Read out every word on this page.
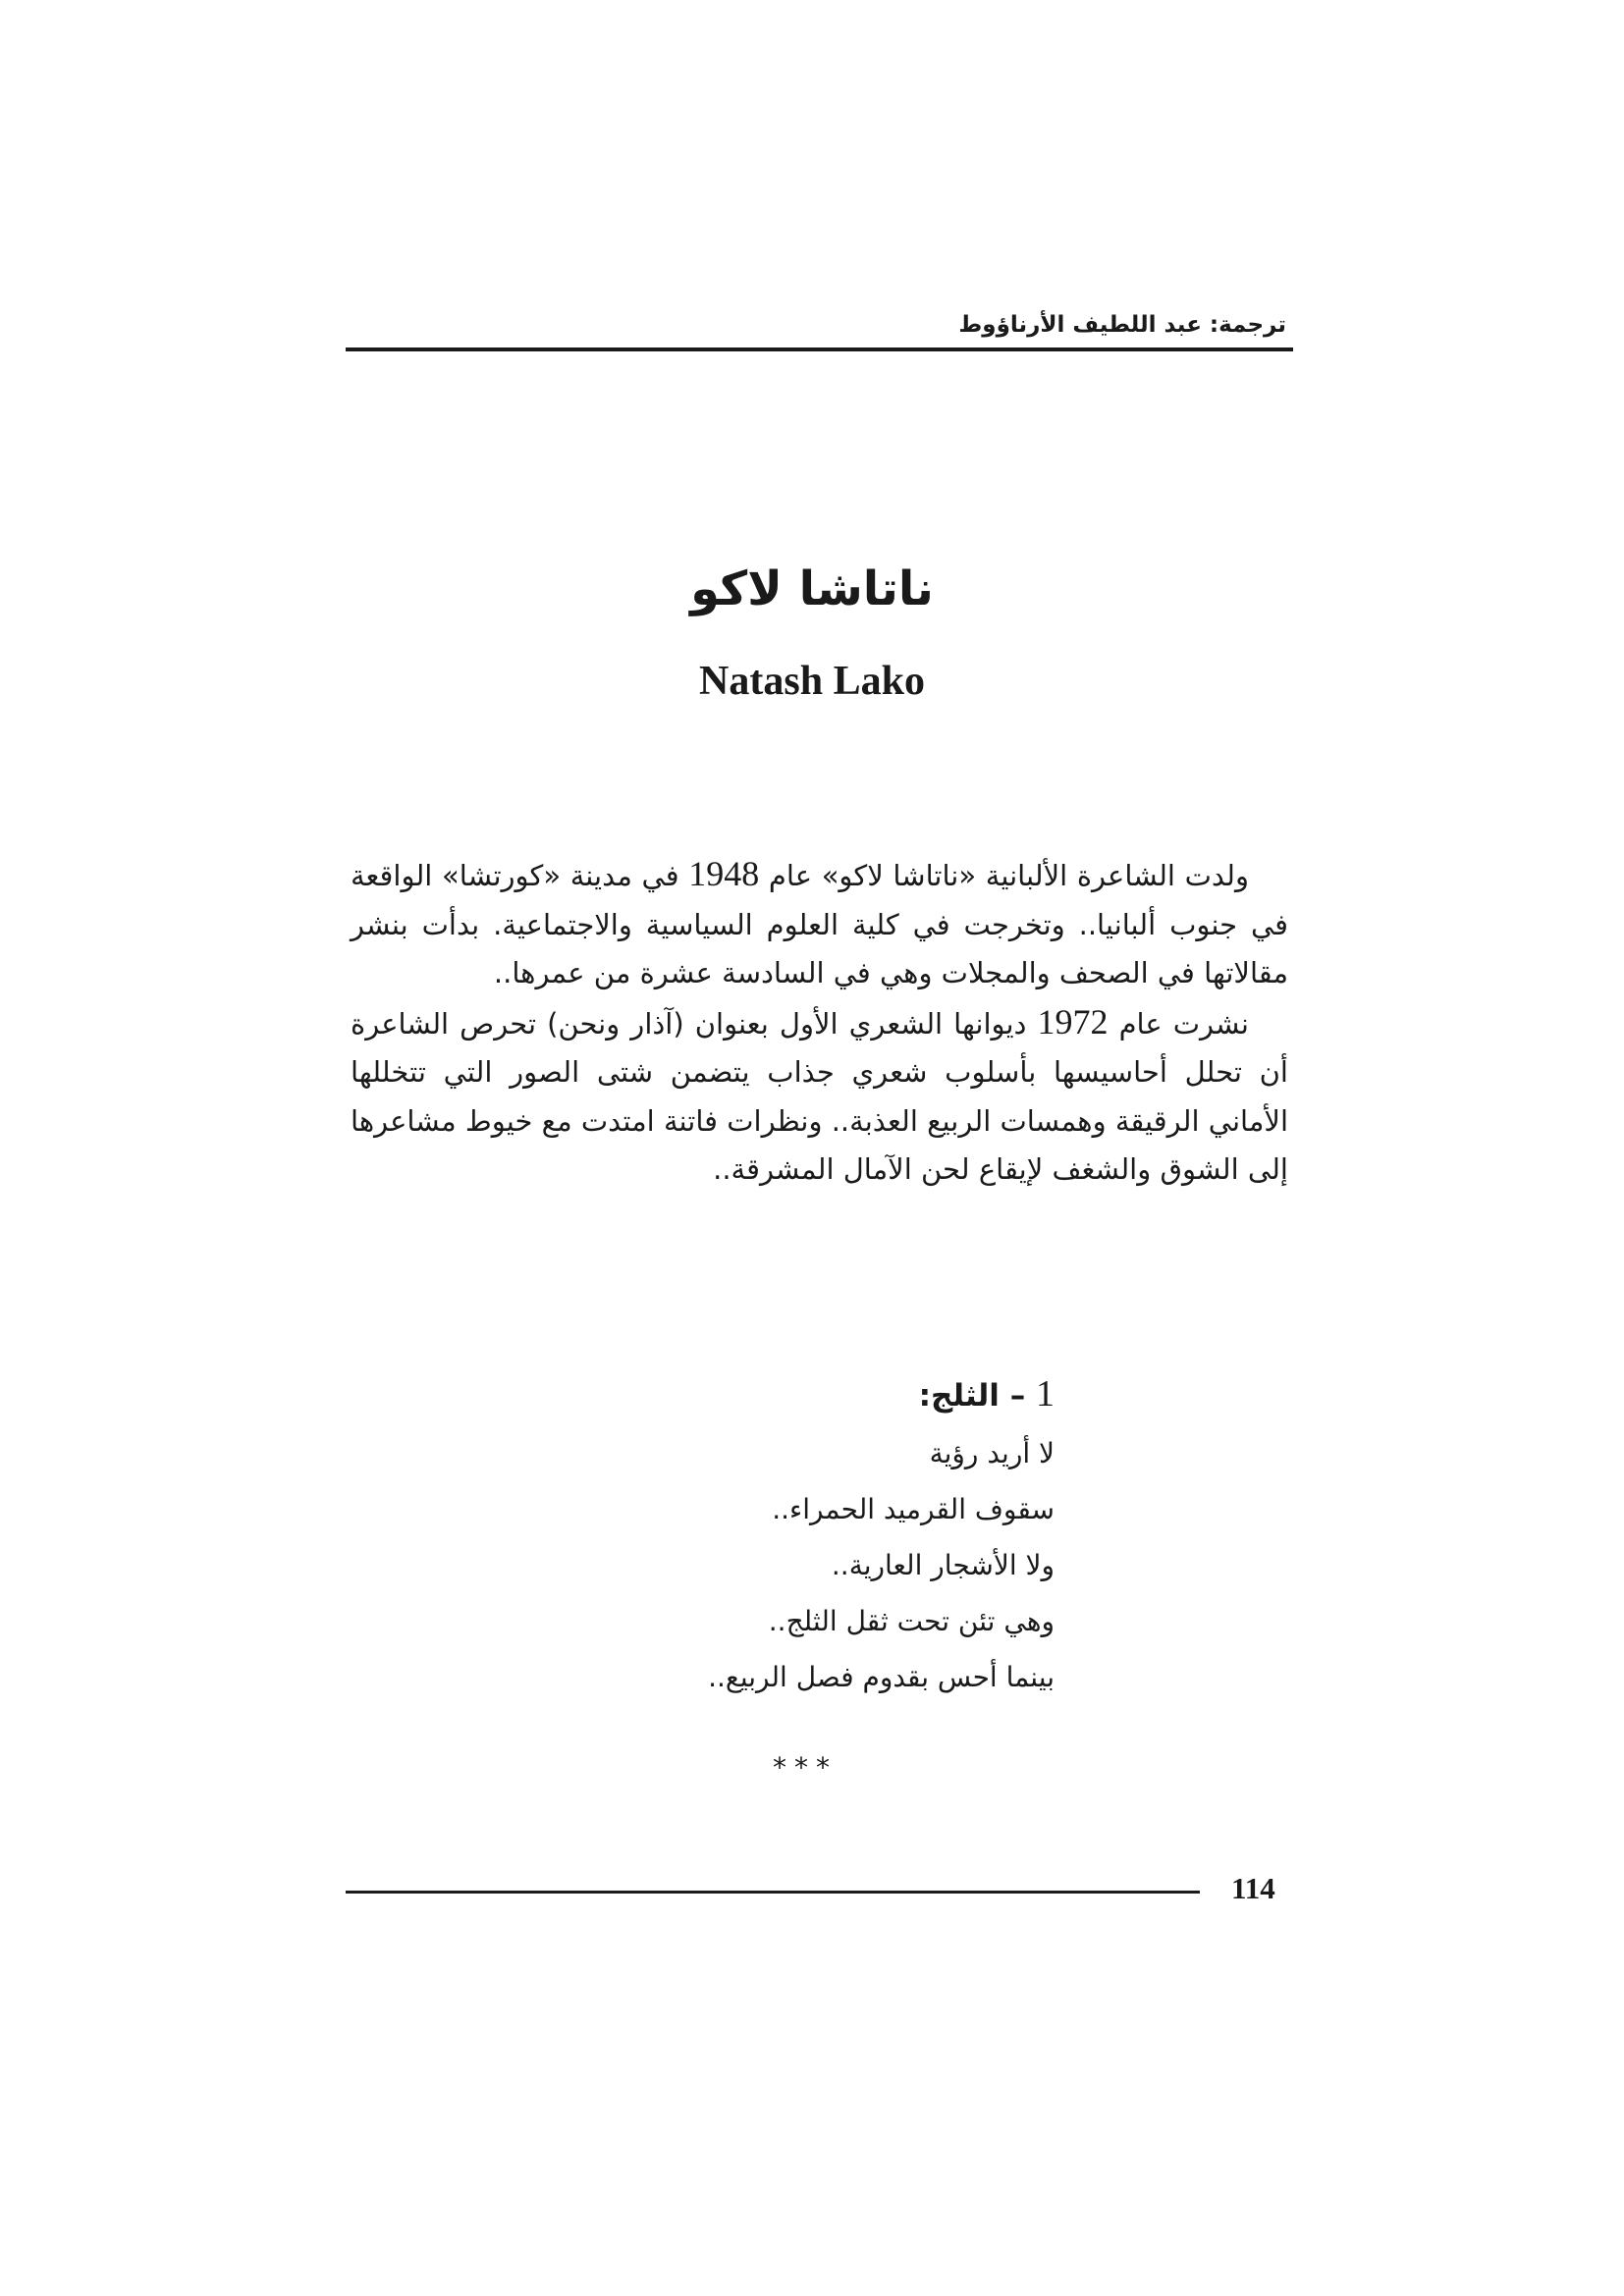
ترجمة: عبد اللطيف الأرناؤوط
ناتاشا لاكو
Natash Lako

ولدت الشاعرة الألبانية «ناتاشا لاكو» عام 1948 في مدينة «كورتشا» الواقعة في جنوب ألبانيا.. وتخرجت في كلية العلوم السياسية والاجتماعية. بدأت بنشر مقالاتها في الصحف والمجلات وهي في السادسة عشرة من عمرها..

نشرت عام 1972 ديوانها الشعري الأول بعنوان (آذار ونحن) تحرص الشاعرة أن تحلل أحاسيسها بأسلوب شعري جذاب يتضمن شتى الصور التي تتخللها الأماني الرقيقة وهمسات الربيع العذبة.. ونظرات فاتنة امتدت مع خيوط مشاعرها إلى الشوق والشغف لإيقاع لحن الآمال المشرقة..

1 – الثلج:
لا أريد رؤية
سقوف القرميد الحمراء..
ولا الأشجار العارية..
وهي تئن تحت ثقل الثلج..
بينما أحس بقدوم فصل الربيع..
***
114
